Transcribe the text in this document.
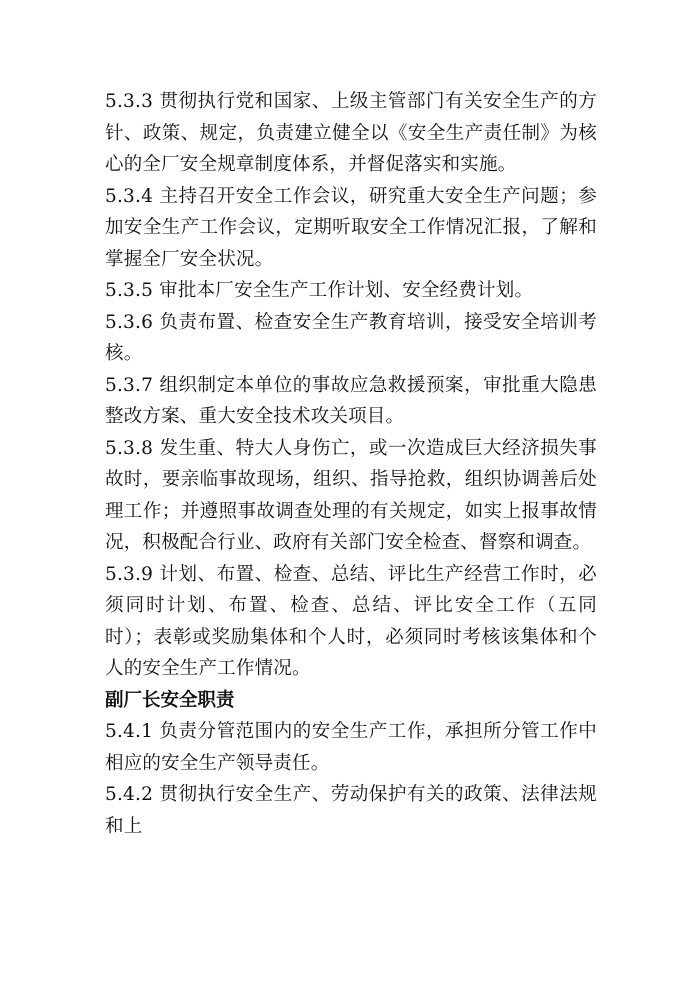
5.3.3 贯彻执行党和国家、上级主管部门有关安全生产的方针、政策、规定，负责建立健全以《安全生产责任制》为核心的全厂安全规章制度体系，并督促落实和实施。

5.3.4 主持召开安全工作会议，研究重大安全生产问题；参加安全生产工作会议，定期听取安全工作情况汇报，了解和掌握全厂安全状况。

5.3.5 审批本厂安全生产工作计划、安全经费计划。

5.3.6 负责布置、检查安全生产教育培训，接受安全培训考核。

5.3.7 组织制定本单位的事故应急救援预案，审批重大隐患整改方案、重大安全技术攻关项目。

5.3.8 发生重、特大人身伤亡，或一次造成巨大经济损失事故时，要亲临事故现场，组织、指导抢救，组织协调善后处理工作；并遵照事故调查处理的有关规定，如实上报事故情况，积极配合行业、政府有关部门安全检查、督察和调查。

5.3.9 计划、布置、检查、总结、评比生产经营工作时，必须同时计划、布置、检查、总结、评比安全工作（五同时）；表彰或奖励集体和个人时，必须同时考核该集体和个人的安全生产工作情况。

副厂长安全职责

5.4.1 负责分管范围内的安全生产工作，承担所分管工作中相应的安全生产领导责任。

5.4.2 贯彻执行安全生产、劳动保护有关的政策、法律法规和上
